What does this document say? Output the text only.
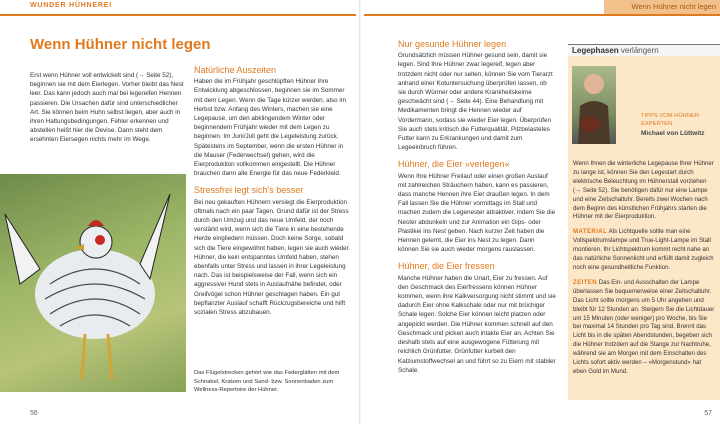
WUNDER HÜHNEREI	Wenn Hühner nicht legen
Wenn Hühner nicht legen

Erst wenn Hühner voll entwickelt sind (→ Seite 52), beginnen sie mit dem Eierlegen. Vorher bleibt das Nest leer. Das kann jedoch auch mal bei legereifen Hennen passieren. Die Ursachen dafür sind unterschiedlicher Art. Sie können beim Huhn selbst liegen, aber auch in ihren Haltungsbedingungen. Fehler erkennen und abstellen heißt hier die Devise. Dann steht dem ersehnten Eiersegen nichts mehr im Wege.

Natürliche Auszeiten

Haben die im Frühjahr geschlüpften Hühner ihre Entwicklung abgeschlossen, beginnen sie im Sommer mit dem Legen. Wenn die Tage kürzer werden, also im Herbst bzw. Anfang des Winters, machen sie eine Legepause, um den abklingendem Winter oder beginnendem Frühjahr wieder mit dem Legen zu beginnen. Im Juni/Juli geht die Legeleistung zurück. Spätestens im September, wenn die ersten Hühner in die Mauser (Federwechsel) gehen, wird die Eierproduktion vollkommen eingestellt. Die Hühner brauchen dann alle Energie für das neue Federkleid.

Stressfrei legt sich's besser

Bei neu gekauften Hühnern versiegt die Eierproduktion oftmals nach ein paar Tagen. Grund dafür ist der Stress durch den Umzug und das neue Umfeld, der noch verstärkt wird, wenn sich die Tiere in eine bestehende Herde eingliedern müssen. Doch keine Sorge, sobald sich die Tiere eingewöhnt haben, legen sie auch wieder. Hühner, die kein entspanntes Umfeld haben, stehen ebenfalls unter Stress und lassen in ihrer Legeleistung nach. Das ist beispielsweise der Fall, wenn sich ein aggressiver Hund stets in Auslaufnähe befindet, oder Greifvögel schon Hühner geschlagen haben. Ein gut bepflanzter Auslauf schafft Rückzugsbereiche und hilft sozialen Stress abzubauen.

Das Flügelstrecken gehört wie das Federglätten mit dem Schnabel, Kratzen und Sand- bzw. Sonnenbaden zum Wellness-Repertoire der Hühner.

Nur gesunde Hühner legen

Grundsätzlich müssen Hühner gesund sein, damit sie legen. Sind Ihre Hühner zwar legereif, legen aber trotzdem nicht oder nur selten, können Sie vom Tierarzt anhand einer Kotuntersuchung überprüfen lassen, ob sie durch Würmer oder andere Krankheitskeime geschwächt sind (→ Seite 44). Eine Behandlung mit Medikamenten bringt die Hennen wieder auf Vordermann, sodass sie wieder Eier legen. Überprüfen Sie auch stets kritisch die Futterqualität. Pilzbelastetes Futter kann zu Erkrankungen und damit zum Legeeinbruch führen.

Hühner, die Eier »verlegen«

Wenn Ihre Hühner Freilauf oder einen großen Auslauf mit zahlreichen Sträuchern haben, kann es passieren, dass manche Hennen ihre Eier draußen legen. In dem Fall lassen Sie die Hühner vormittags im Stall und machen zudem die Legenester attraktiver, indem Sie die Nester abdunkeln und zur Animation ein Gips- oder Plastikei ins Nest geben. Nach kurzer Zeit haben die Hennen gelernt, die Eier ins Nest zu legen. Dann können Sie sie auch wieder morgens rauslassen.

Hühner, die Eier fressen

Manche Hühner haben die Unart, Eier zu fressen. Auf den Geschmack des Eierfressens können Hühner kommen, wenn ihre Kalkversorgung nicht stimmt und sie dadurch Eier ohne Kalkschale oder nur mit brüchiger Schale legen. Solche Eier können leicht platzen oder angepickt werden. Die Hühner kommen schnell auf den Geschmack und picken auch intakte Eier an. Achten Sie deshalb stets auf eine ausgewogene Fütterung mit reichlich Grünfutter. Grünfutter kurbelt den Kalziumstoffwechsel an und führt so zu Eiern mit stabiler Schale.

Legephasen verlängern
TIPPS VOM HÜHNER-EXPERTEN
Michael von Lüttwitz

Wenn Ihnen die winterliche Legepause Ihrer Hühner zu lange ist, können Sie den Legestart durch elektrische Beleuchtung im Hühnerstall vorziehen (→ Seite 52). Sie benötigen dafür nur eine Lampe und eine Zeitschaltuhr. Bereits zwei Wochen nach dem Beginn des künstlichen Frühjahrs starten die Hühner mit der Eierproduktion.

MATERIAL Als Lichtquelle sollte man eine Vollspektrumslampe und True-Light-Lampe im Stall montieren. Ihr Lichtspektrum kommt recht nahe an das natürliche Sonnenlicht und erfüllt damit zugleich noch eine gesundheitliche Funktion.

ZEITEN Das Ein- und Ausschalten der Lampe überlassen Sie bequemerweise einer Zeitschaltuhr. Das Licht sollte morgens um 5 Uhr angehen und bleibt für 12 Stunden an. Steigern Sie die Lichtdauer um 15 Minuten (oder weniger) pro Woche, bis Sie bei maximal 14 Stunden pro Tag sind. Brennt das Licht bis in die späten Abendstunden, begeben sich die Hühner trotzdem auf die Stange zur Nachtruhe, während sie am Morgen mit dem Einschalten des Lichts sofort aktiv werden – »Morgenstund« hat eben Gold im Mund.

56	57
